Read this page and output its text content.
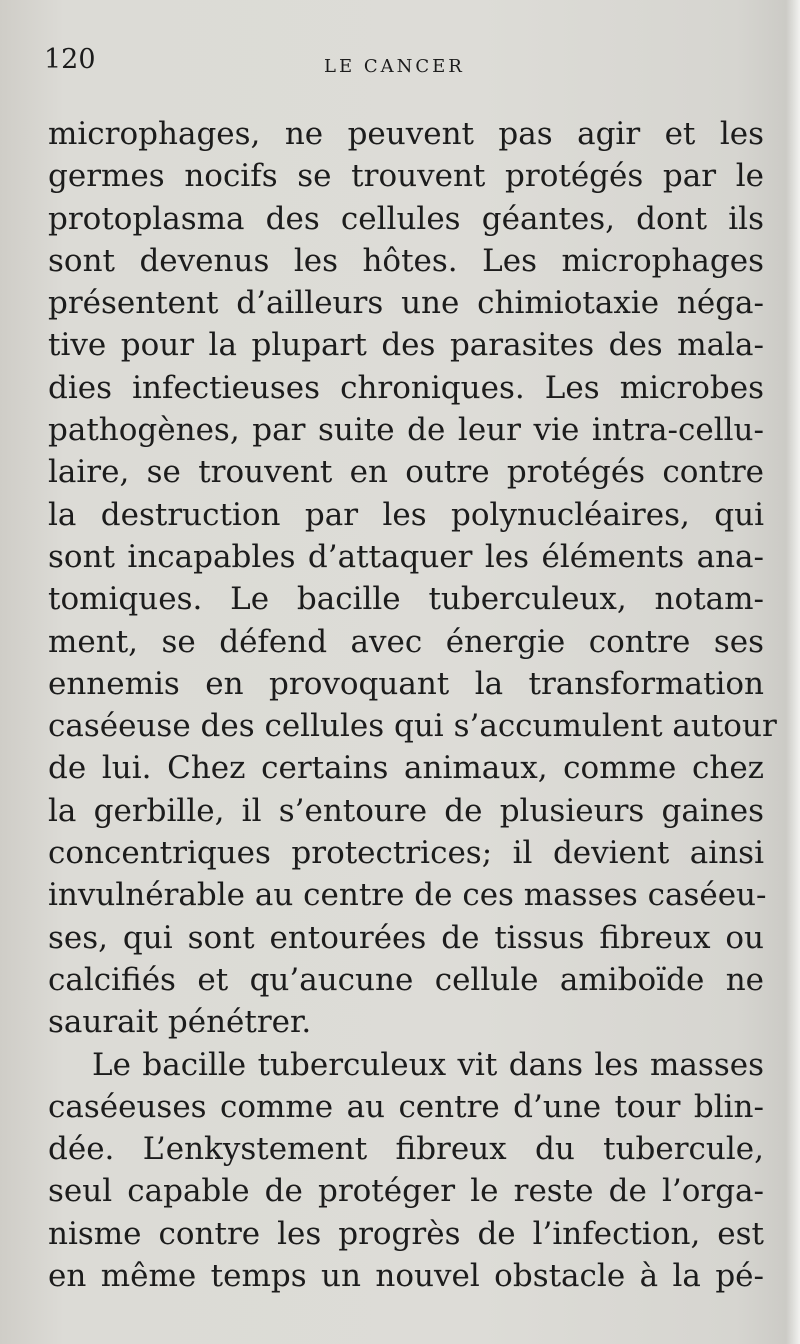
120	LE CANCER
microphages, ne peuvent pas agir et les
germes nocifs se trouvent protégés par le
protoplasma des cellules géantes, dont ils
sont devenus les hôtes. Les microphages
présentent d’ailleurs une chimiotaxie néga-
tive pour la plupart des parasites des mala-
dies infectieuses chroniques. Les microbes
pathogènes, par suite de leur vie intra-cellu-
laire, se trouvent en outre protégés contre
la destruction par les polynucléaires, qui
sont incapables d’attaquer les éléments ana-
tomiques. Le bacille tuberculeux, notam-
ment, se défend avec énergie contre ses
ennemis en provoquant la transformation
caséeuse des cellules qui s’accumulent autour
de lui. Chez certains animaux, comme chez
la gerbille, il s’entoure de plusieurs gaines
concentriques protectrices; il devient ainsi
invulnérable au centre de ces masses caséeu-
ses, qui sont entourées de tissus fibreux ou
calcifiés et qu’aucune cellule amiboïde ne
saurait pénétrer.
Le bacille tuberculeux vit dans les masses
caséeuses comme au centre d’une tour blin-
dée. L’enkystement fibreux du tubercule,
seul capable de protéger le reste de l’orga-
nisme contre les progrès de l’infection, est
en même temps un nouvel obstacle à la pé-
